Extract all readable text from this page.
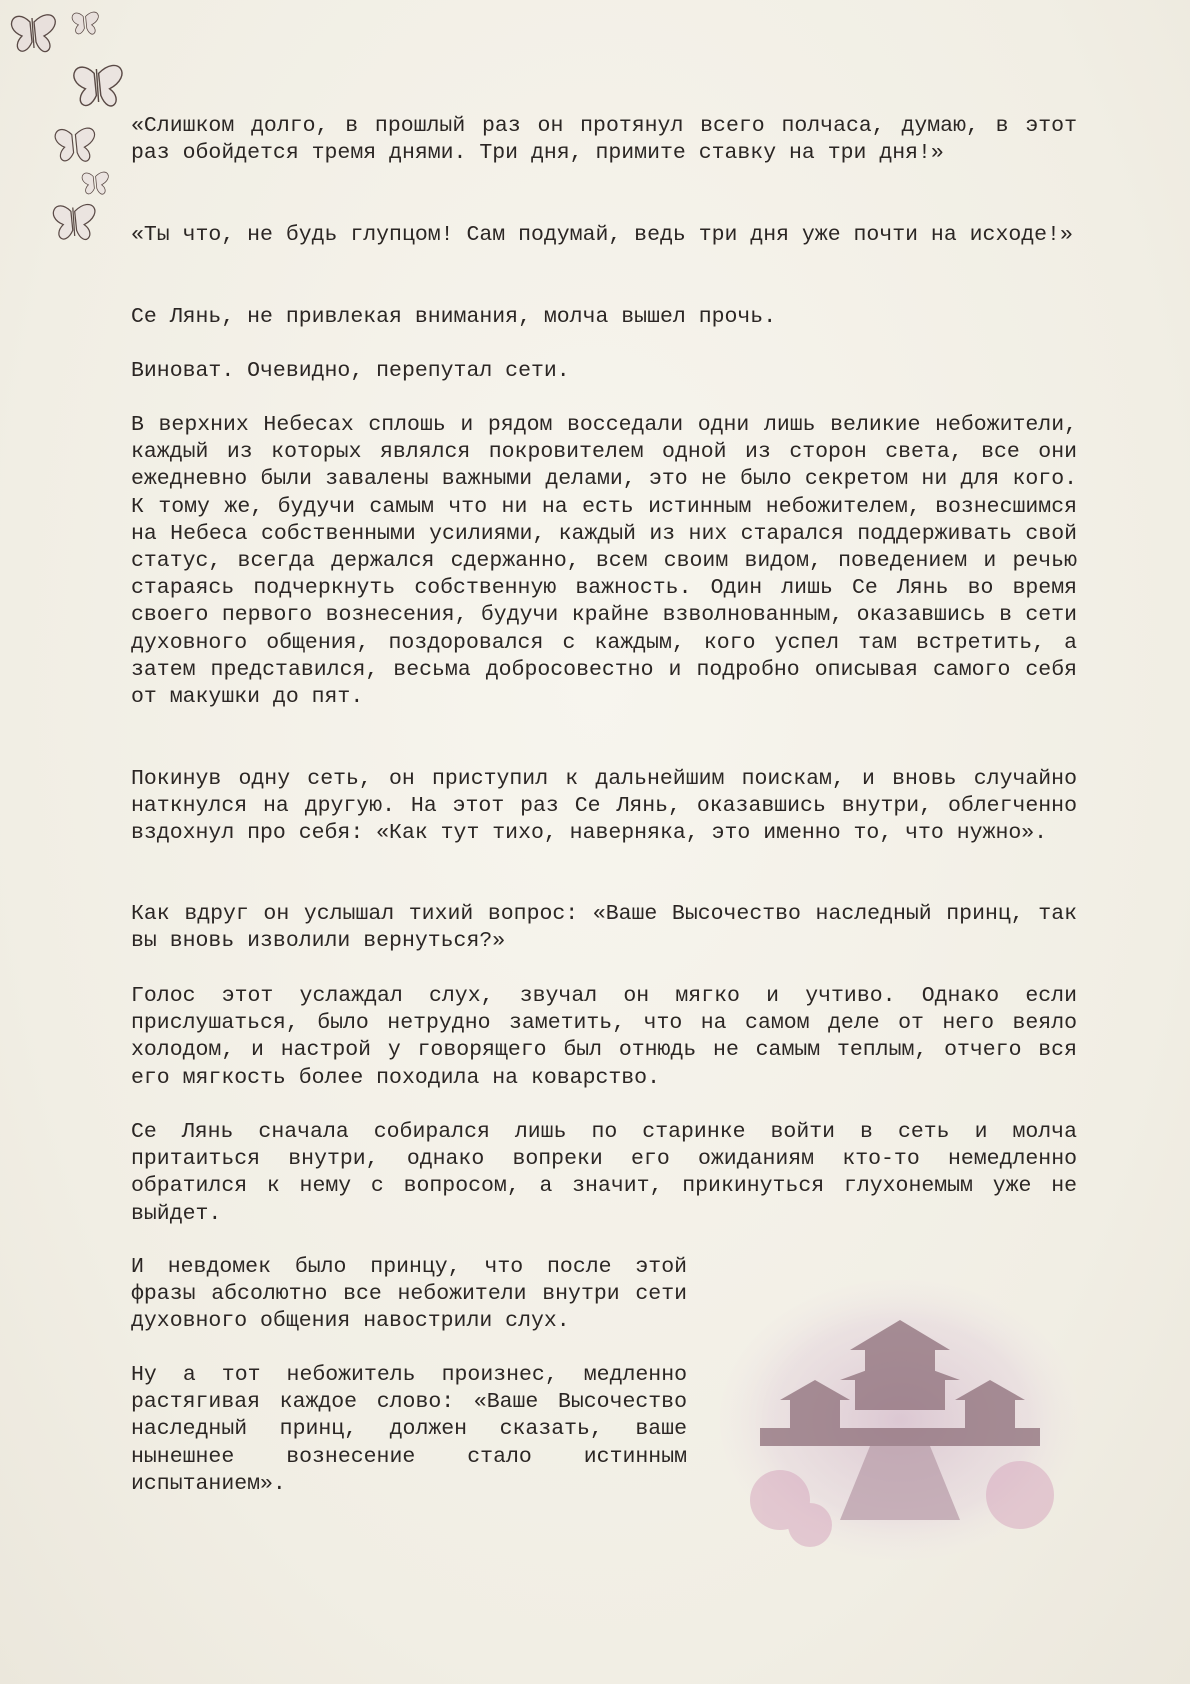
«Слишком долго, в прошлый раз он протянул всего полчаса, думаю, в этот раз обойдется тремя днями. Три дня, примите ставку на три дня!»

«Ты что, не будь глупцом! Сам подумай, ведь три дня уже почти на исходе!»

Се Лянь, не привлекая внимания, молча вышел прочь.

Виноват. Очевидно, перепутал сети.

В верхних Небесах сплошь и рядом восседали одни лишь великие небожители, каждый из которых являлся покровителем одной из сторон света, все они ежедневно были завалены важными делами, это не было секретом ни для кого. К тому же, будучи самым что ни на есть истинным небожителем, вознесшимся на Небеса собственными усилиями, каждый из них старался поддерживать свой статус, всегда держался сдержанно, всем своим видом, поведением и речью стараясь подчеркнуть собственную важность. Один лишь Се Лянь во время своего первого вознесения, будучи крайне взволнованным, оказавшись в сети духовного общения, поздоровался с каждым, кого успел там встретить, а затем представился, весьма добросовестно и подробно описывая самого себя от макушки до пят.

Покинув одну сеть, он приступил к дальнейшим поискам, и вновь случайно наткнулся на другую. На этот раз Се Лянь, оказавшись внутри, облегченно вздохнул про себя: «Как тут тихо, наверняка, это именно то, что нужно».

Как вдруг он услышал тихий вопрос: «Ваше Высочество наследный принц, так вы вновь изволили вернуться?»

Голос этот услаждал слух, звучал он мягко и учтиво. Однако если прислушаться, было нетрудно заметить, что на самом деле от него веяло холодом, и настрой у говорящего был отнюдь не самым теплым, отчего вся его мягкость более походила на коварство.

Се Лянь сначала собирался лишь по старинке войти в сеть и молча притаиться внутри, однако вопреки его ожиданиям кто-то немедленно обратился к нему с вопросом, а значит, прикинуться глухонемым уже не выйдет.

И невдомек было принцу, что после этой фразы абсолютно все небожители внутри сети духовного общения навострили слух.

Ну а тот небожитель произнес, медленно растягивая каждое слово: «Ваше Высочество наследный принц, должен сказать, ваше нынешнее вознесение стало истинным испытанием».
